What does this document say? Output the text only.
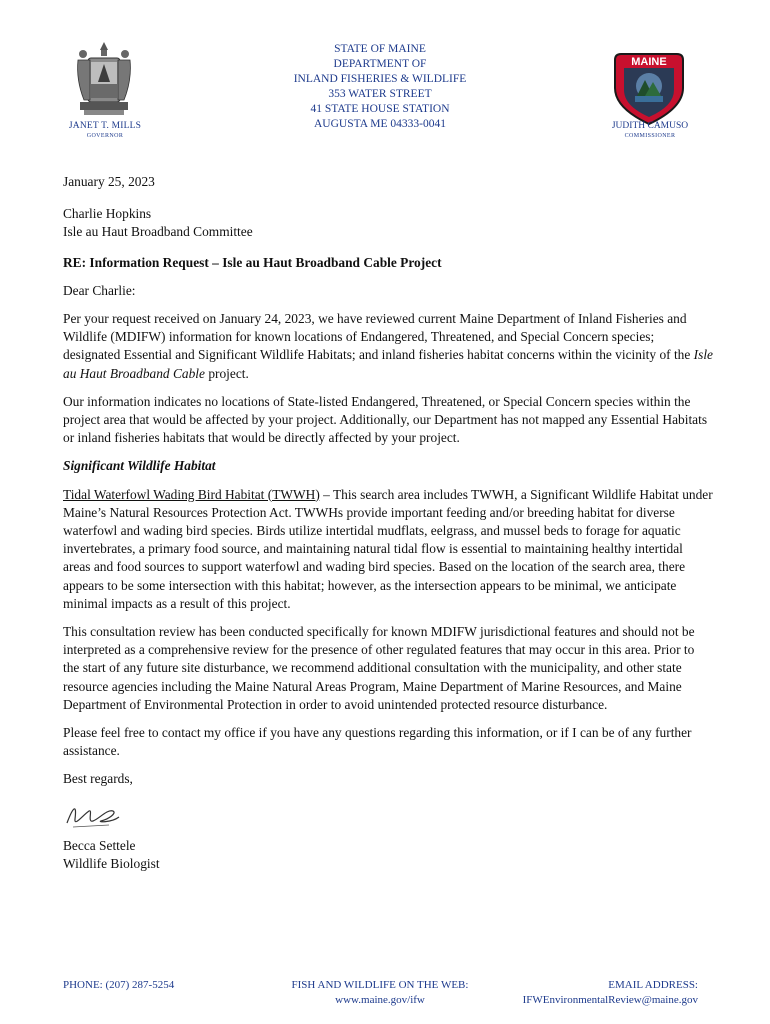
JANET T. MILLS
GOVERNOR
STATE OF MAINE
DEPARTMENT OF
INLAND FISHERIES & WILDLIFE
353 WATER STREET
41 STATE HOUSE STATION
AUGUSTA ME 04333-0041
MAINE
JUDITH CAMUSO
COMMISSIONER

January 25, 2023

Charlie Hopkins

Isle au Haut Broadband Committee

RE: Information Request – Isle au Haut Broadband Cable Project

Dear Charlie:

Per your request received on January 24, 2023, we have reviewed current Maine Department of Inland Fisheries and Wildlife (MDIFW) information for known locations of Endangered, Threatened, and Special Concern species; designated Essential and Significant Wildlife Habitats; and inland fisheries habitat concerns within the vicinity of the Isle au Haut Broadband Cable project.

Our information indicates no locations of State-listed Endangered, Threatened, or Special Concern species within the project area that would be affected by your project. Additionally, our Department has not mapped any Essential Habitats or inland fisheries habitats that would be directly affected by your project.

Significant Wildlife Habitat

Tidal Waterfowl Wading Bird Habitat (TWWH) – This search area includes TWWH, a Significant Wildlife Habitat under Maine’s Natural Resources Protection Act. TWWHs provide important feeding and/or breeding habitat for diverse waterfowl and wading bird species. Birds utilize intertidal mudflats, eelgrass, and mussel beds to forage for aquatic invertebrates, a primary food source, and maintaining natural tidal flow is essential to maintaining healthy intertidal areas and food sources to support waterfowl and wading bird species. Based on the location of the search area, there appears to be some intersection with this habitat; however, as the intersection appears to be minimal, we anticipate minimal impacts as a result of this project.

This consultation review has been conducted specifically for known MDIFW jurisdictional features and should not be interpreted as a comprehensive review for the presence of other regulated features that may occur in this area. Prior to the start of any future site disturbance, we recommend additional consultation with the municipality, and other state resource agencies including the Maine Natural Areas Program, Maine Department of Marine Resources, and Maine Department of Environmental Protection in order to avoid unintended protected resource disturbance.

Please feel free to contact my office if you have any questions regarding this information, or if I can be of any further assistance.

Best regards,

Becca Settele

Wildlife Biologist

PHONE: (207) 287-5254	FISH AND WILDLIFE ON THE WEB:
www.maine.gov/ifw
EMAIL ADDRESS:
IFWEnvironmentalReview@maine.gov
